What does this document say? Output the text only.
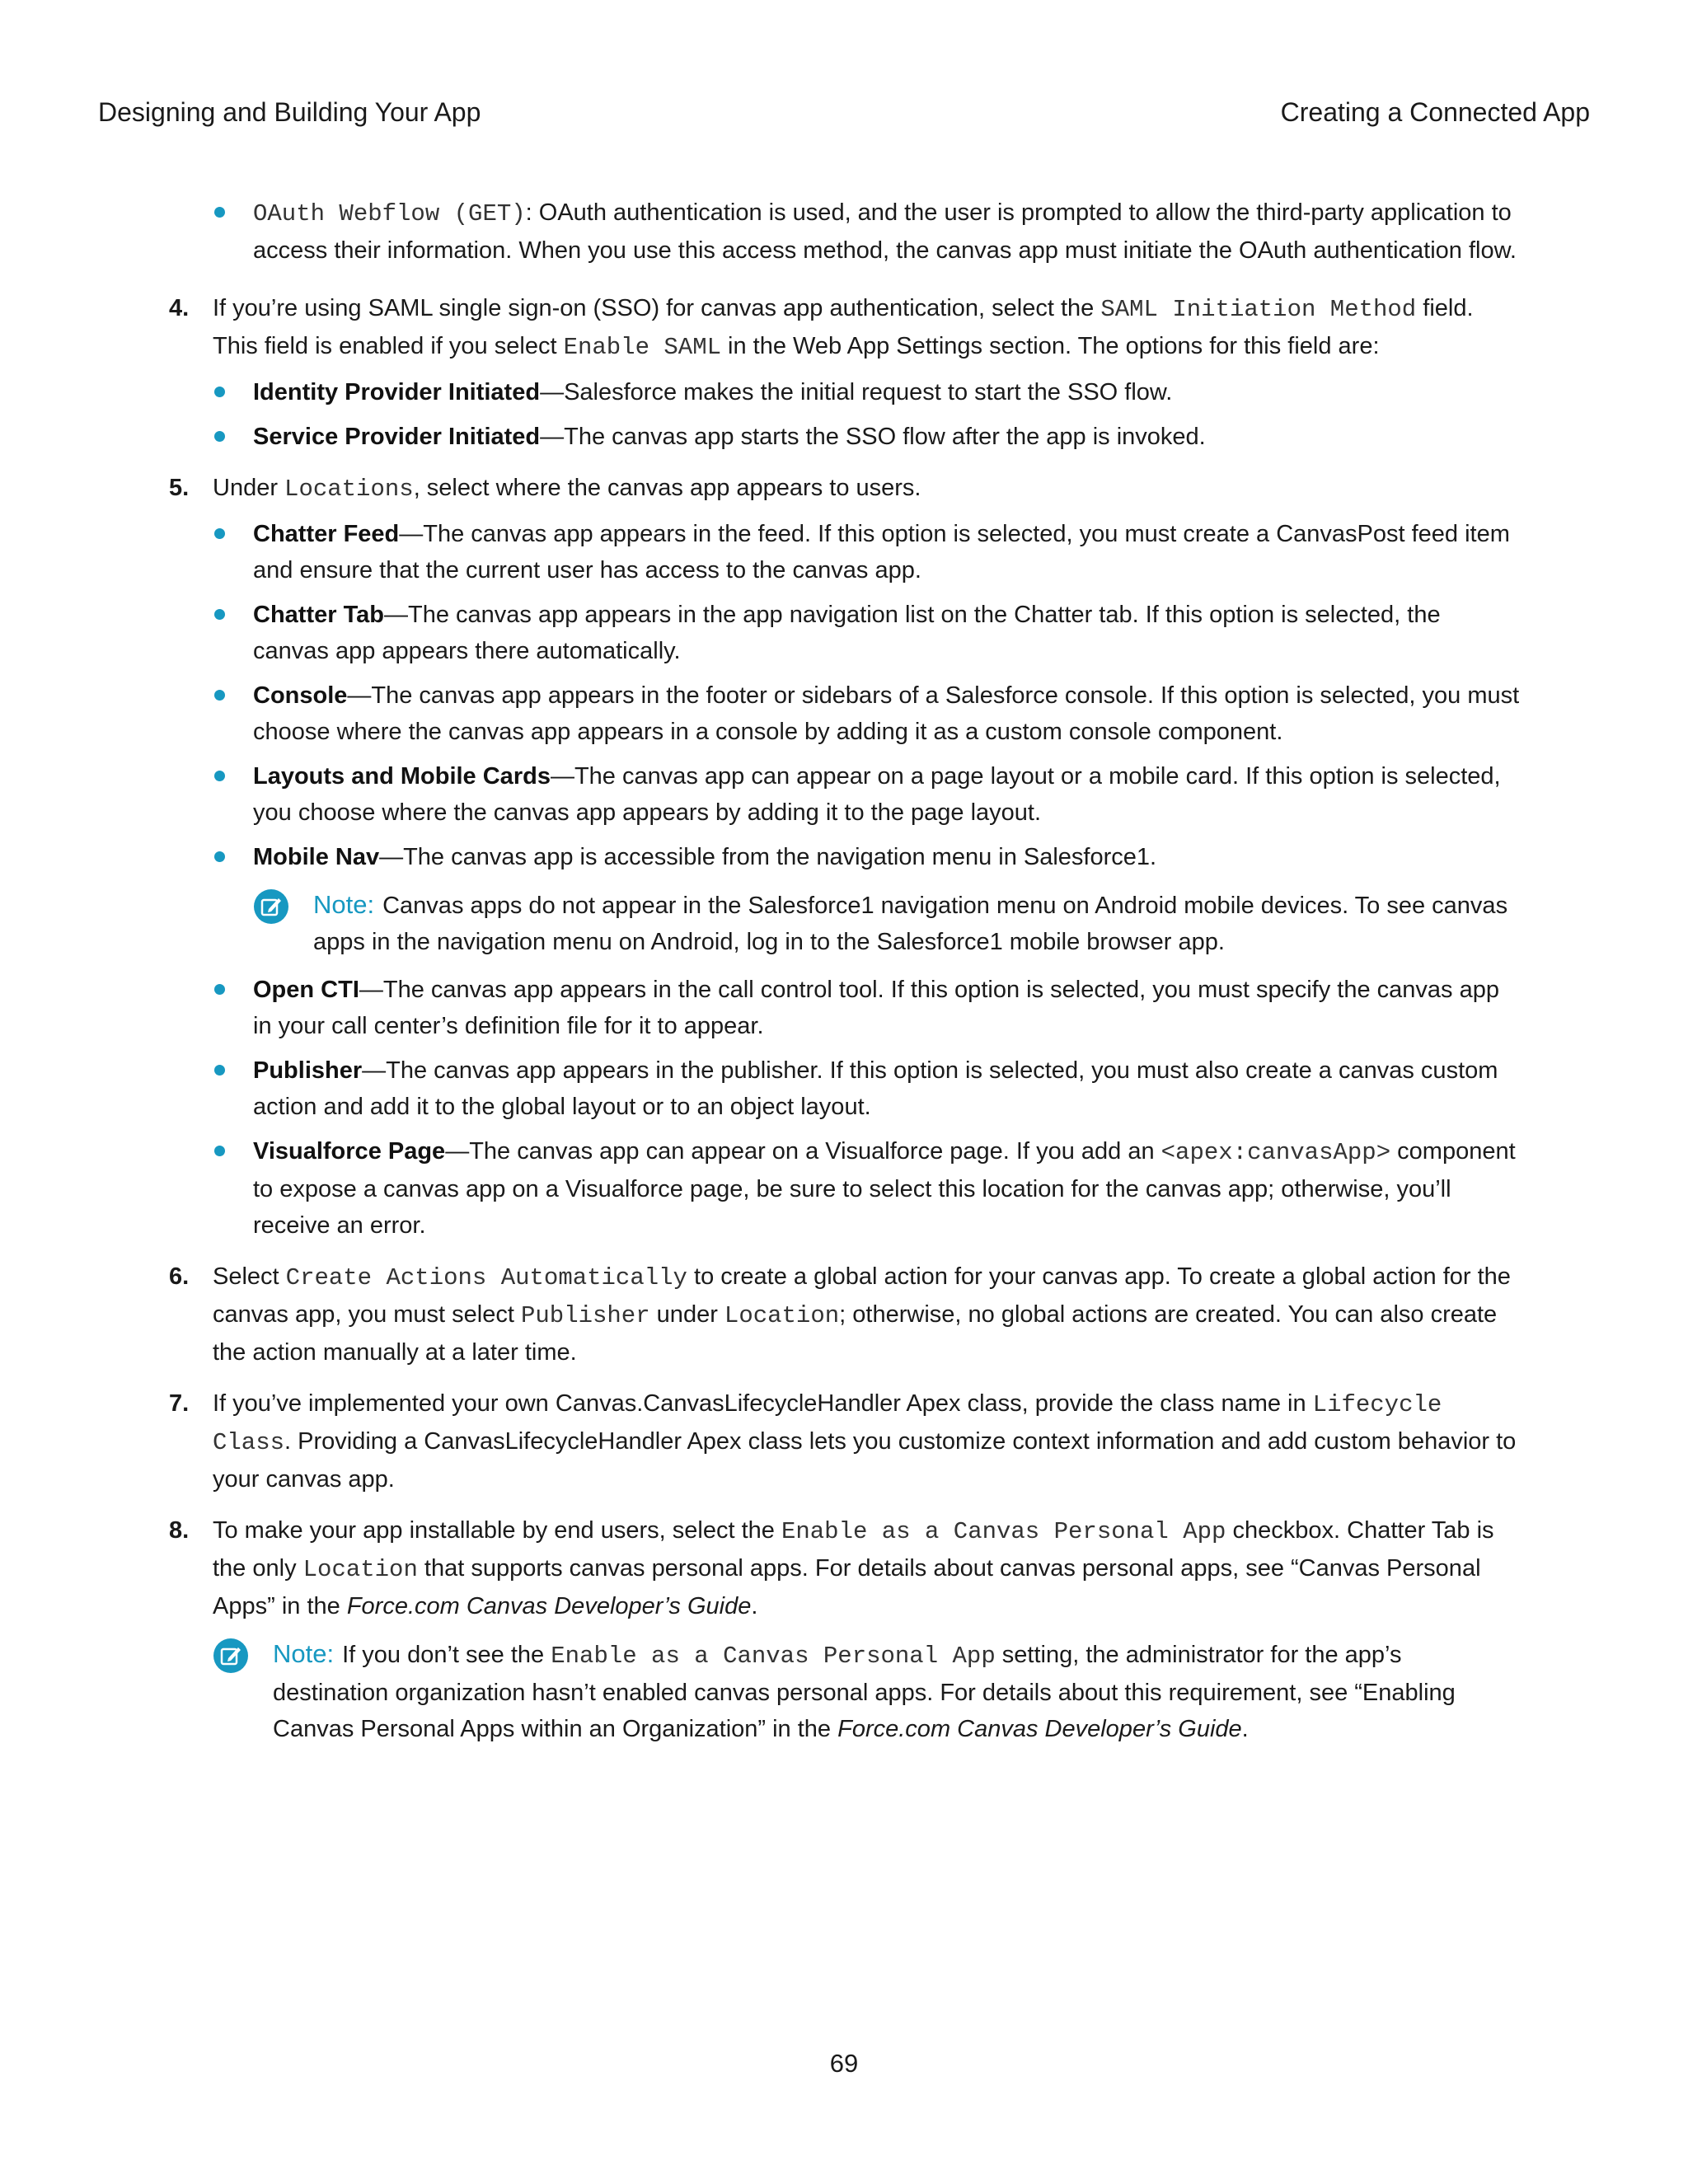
Designing and Building Your App	Creating a Connected App
OAuth Webflow (GET): OAuth authentication is used, and the user is prompted to allow the third-party application to access their information. When you use this access method, the canvas app must initiate the OAuth authentication flow.
4. If you’re using SAML single sign-on (SSO) for canvas app authentication, select the SAML Initiation Method field. This field is enabled if you select Enable SAML in the Web App Settings section. The options for this field are:
Identity Provider Initiated—Salesforce makes the initial request to start the SSO flow.
Service Provider Initiated—The canvas app starts the SSO flow after the app is invoked.
5. Under Locations, select where the canvas app appears to users.
Chatter Feed—The canvas app appears in the feed. If this option is selected, you must create a CanvasPost feed item and ensure that the current user has access to the canvas app.
Chatter Tab—The canvas app appears in the app navigation list on the Chatter tab. If this option is selected, the canvas app appears there automatically.
Console—The canvas app appears in the footer or sidebars of a Salesforce console. If this option is selected, you must choose where the canvas app appears in a console by adding it as a custom console component.
Layouts and Mobile Cards—The canvas app can appear on a page layout or a mobile card. If this option is selected, you choose where the canvas app appears by adding it to the page layout.
Mobile Nav—The canvas app is accessible from the navigation menu in Salesforce1.
Note: Canvas apps do not appear in the Salesforce1 navigation menu on Android mobile devices. To see canvas apps in the navigation menu on Android, log in to the Salesforce1 mobile browser app.
Open CTI—The canvas app appears in the call control tool. If this option is selected, you must specify the canvas app in your call center’s definition file for it to appear.
Publisher—The canvas app appears in the publisher. If this option is selected, you must also create a canvas custom action and add it to the global layout or to an object layout.
Visualforce Page—The canvas app can appear on a Visualforce page. If you add an <apex:canvasApp> component to expose a canvas app on a Visualforce page, be sure to select this location for the canvas app; otherwise, you’ll receive an error.
6. Select Create Actions Automatically to create a global action for your canvas app. To create a global action for the canvas app, you must select Publisher under Location; otherwise, no global actions are created. You can also create the action manually at a later time.
7. If you’ve implemented your own Canvas.CanvasLifecycleHandler Apex class, provide the class name in Lifecycle Class. Providing a CanvasLifecycleHandler Apex class lets you customize context information and add custom behavior to your canvas app.
8. To make your app installable by end users, select the Enable as a Canvas Personal App checkbox. Chatter Tab is the only Location that supports canvas personal apps. For details about canvas personal apps, see “Canvas Personal Apps” in the Force.com Canvas Developer’s Guide.
Note: If you don’t see the Enable as a Canvas Personal App setting, the administrator for the app’s destination organization hasn’t enabled canvas personal apps. For details about this requirement, see “Enabling Canvas Personal Apps within an Organization” in the Force.com Canvas Developer’s Guide.
69
